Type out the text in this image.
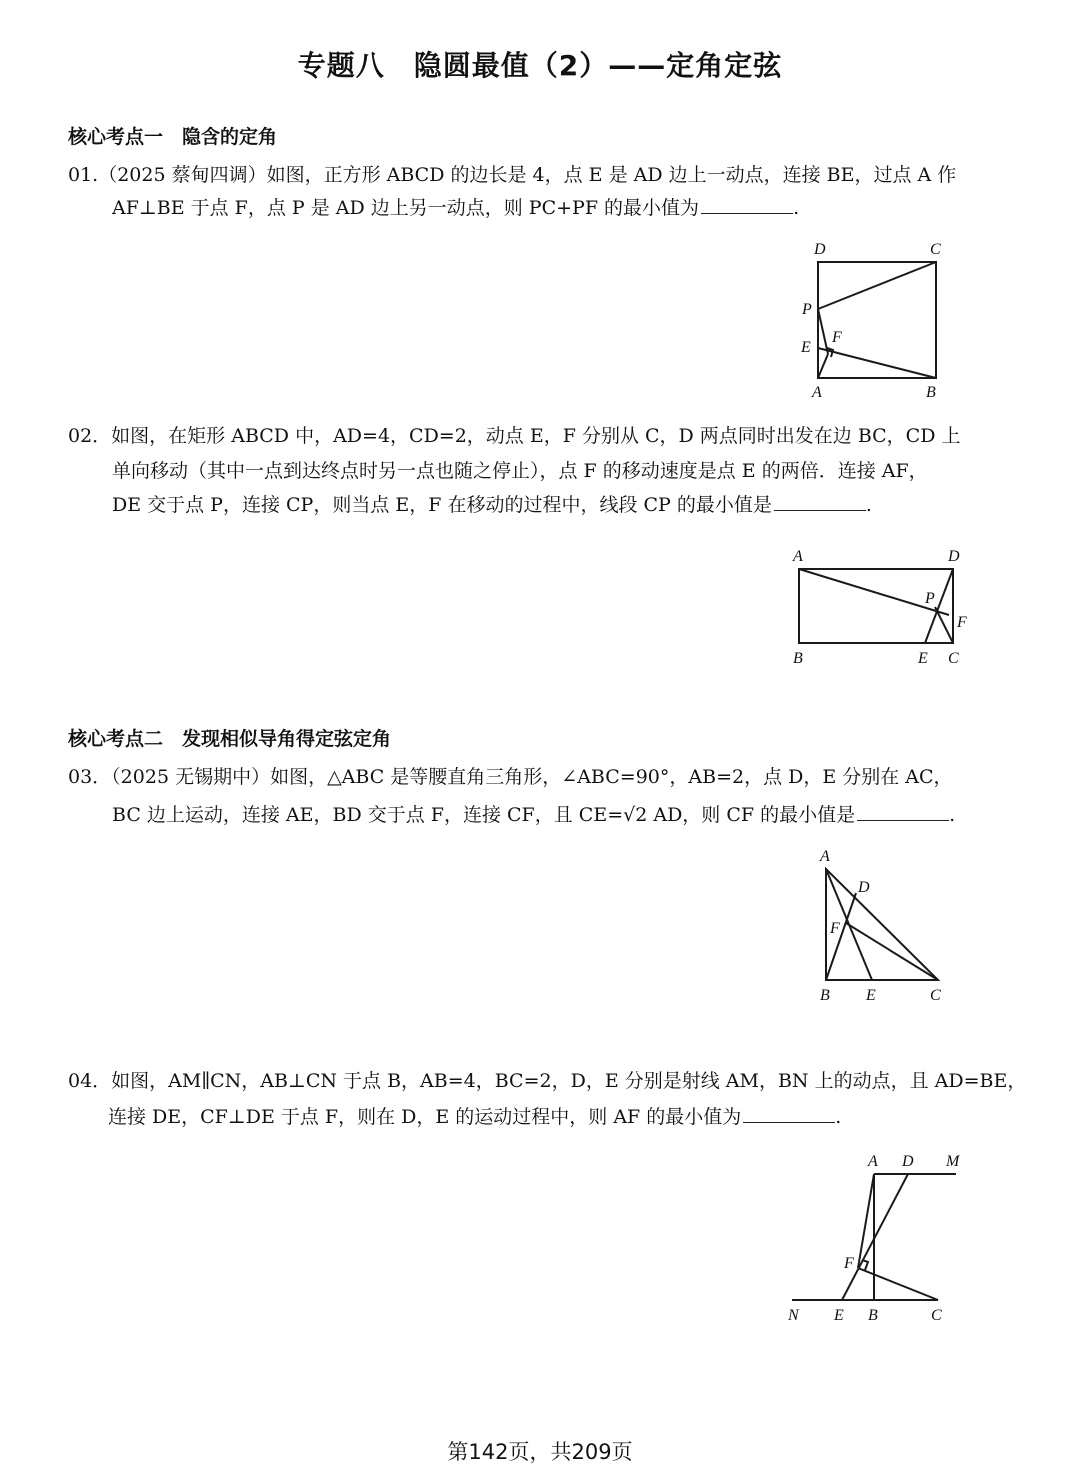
专题八　隐圆最值（2）——定角定弦
核心考点一　隐含的定角
01.（2025 蔡甸四调）如图，正方形 ABCD 的边长是 4，点 E 是 AD 边上一动点，连接 BE，过点 A 作
AF⊥BE 于点 F，点 P 是 AD 边上另一动点，则 PC+PF 的最小值为	.
D	C
P
F
E
A	B
02．如图，在矩形 ABCD 中，AD=4，CD=2，动点 E，F 分别从 C，D 两点同时出发在边 BC，CD 上
单向移动（其中一点到达终点时另一点也随之停止），点 F 的移动速度是点 E 的两倍．连接 AF，
DE 交于点 P，连接 CP，则当点 E，F 在移动的过程中，线段 CP 的最小值是	.
A	D
P
F
B	E C
核心考点二　发现相似导角得定弦定角
03．（2025 无锡期中）如图，△ABC 是等腰直角三角形，∠ABC=90°，AB=2，点 D，E 分别在 AC，
BC 边上运动，连接 AE，BD 交于点 F，连接 CF，且 CE=√2 AD，则 CF 的最小值是	.
A
D
F
B E	C
04．如图，AM∥CN，AB⊥CN 于点 B，AB=4，BC=2，D，E 分别是射线 AM，BN 上的动点，且 AD=BE，
连接 DE，CF⊥DE 于点 F，则在 D，E 的运动过程中，则 AF 的最小值为	.
A D M
F
N E B	C
第142页，共209页
